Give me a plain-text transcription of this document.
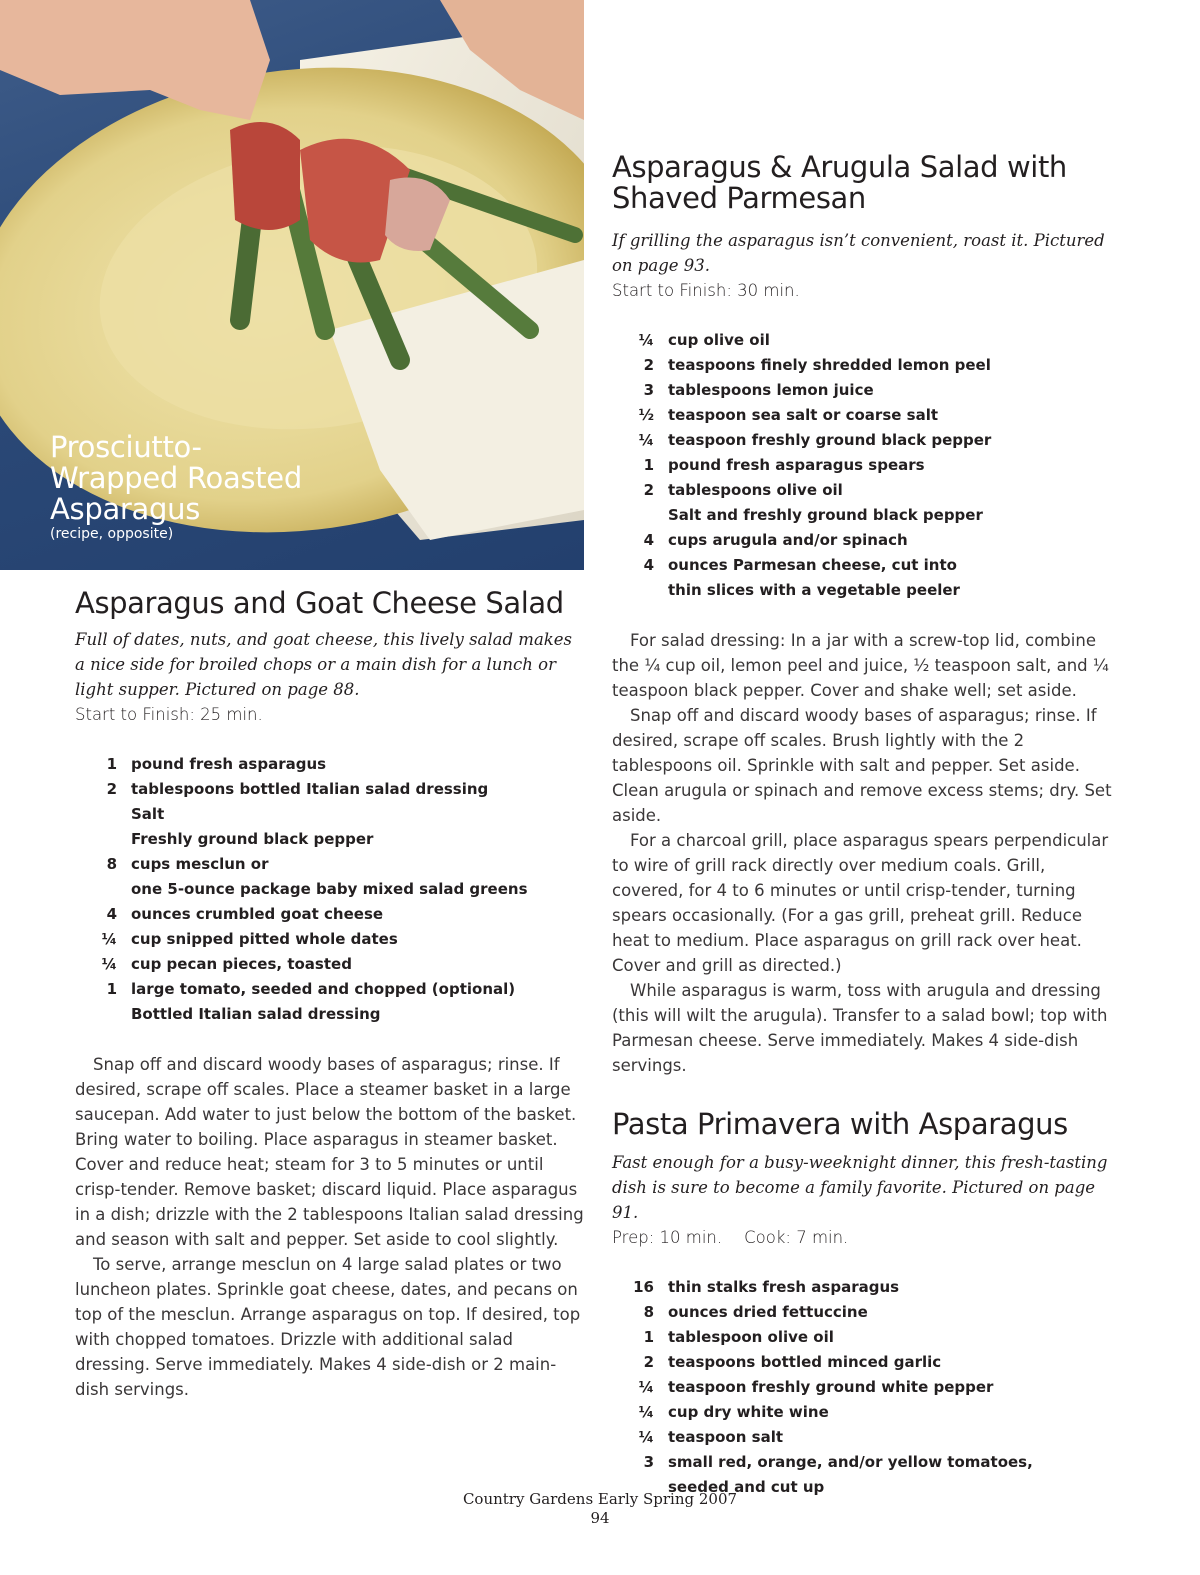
Prosciutto-
Wrapped Roasted
Asparagus
(recipe, opposite)
Asparagus and Goat Cheese Salad

Full of dates, nuts, and goat cheese, this lively salad makes a nice side for broiled chops or a main dish for a lunch or light supper. Pictured on page 88.

Start to Finish: 25 min.

1 pound fresh asparagus
2 tablespoons bottled Italian salad dressing
Salt
Freshly ground black pepper
8 cups mesclun or
one 5-ounce package baby mixed salad greens
4 ounces crumbled goat cheese
¼ cup snipped pitted whole dates
¼ cup pecan pieces, toasted
1 large tomato, seeded and chopped (optional)
Bottled Italian salad dressing

Snap off and discard woody bases of asparagus; rinse. If desired, scrape off scales. Place a steamer basket in a large saucepan. Add water to just below the bottom of the basket. Bring water to boiling. Place asparagus in steamer basket. Cover and reduce heat; steam for 3 to 5 minutes or until crisp-tender. Remove basket; discard liquid. Place asparagus in a dish; drizzle with the 2 tablespoons Italian salad dressing and season with salt and pepper. Set aside to cool slightly.

To serve, arrange mesclun on 4 large salad plates or two luncheon plates. Sprinkle goat cheese, dates, and pecans on top of the mesclun. Arrange asparagus on top. If desired, top with chopped tomatoes. Drizzle with additional salad dressing. Serve immediately. Makes 4 side-dish or 2 main-dish servings.

Asparagus & Arugula Salad with
Shaved Parmesan

If grilling the asparagus isn’t convenient, roast it. Pictured on page 93.

Start to Finish: 30 min.

¼ cup olive oil
2 teaspoons finely shredded lemon peel
3 tablespoons lemon juice
½ teaspoon sea salt or coarse salt
¼ teaspoon freshly ground black pepper
1 pound fresh asparagus spears
2 tablespoons olive oil
Salt and freshly ground black pepper
4 cups arugula and/or spinach
4 ounces Parmesan cheese, cut into
thin slices with a vegetable peeler

For salad dressing: In a jar with a screw-top lid, combine the ¼ cup oil, lemon peel and juice, ½ teaspoon salt, and ¼ teaspoon black pepper. Cover and shake well; set aside.

Snap off and discard woody bases of asparagus; rinse. If desired, scrape off scales. Brush lightly with the 2 tablespoons oil. Sprinkle with salt and pepper. Set aside. Clean arugula or spinach and remove excess stems; dry. Set aside.

For a charcoal grill, place asparagus spears perpendicular to wire of grill rack directly over medium coals. Grill, covered, for 4 to 6 minutes or until crisp-tender, turning spears occasionally. (For a gas grill, preheat grill. Reduce heat to medium. Place asparagus on grill rack over heat. Cover and grill as directed.)

While asparagus is warm, toss with arugula and dressing (this will wilt the arugula). Transfer to a salad bowl; top with Parmesan cheese. Serve immediately. Makes 4 side-dish servings.

Pasta Primavera with Asparagus

Fast enough for a busy-weeknight dinner, this fresh-tasting dish is sure to become a family favorite. Pictured on page 91.

Prep: 10 min. Cook: 7 min.

16 thin stalks fresh asparagus
8 ounces dried fettuccine
1 tablespoon olive oil
2 teaspoons bottled minced garlic
¼ teaspoon freshly ground white pepper
¼ cup dry white wine
¼ teaspoon salt
3 small red, orange, and/or yellow tomatoes,
seeded and cut up
Country Gardens Early Spring 2007
94
